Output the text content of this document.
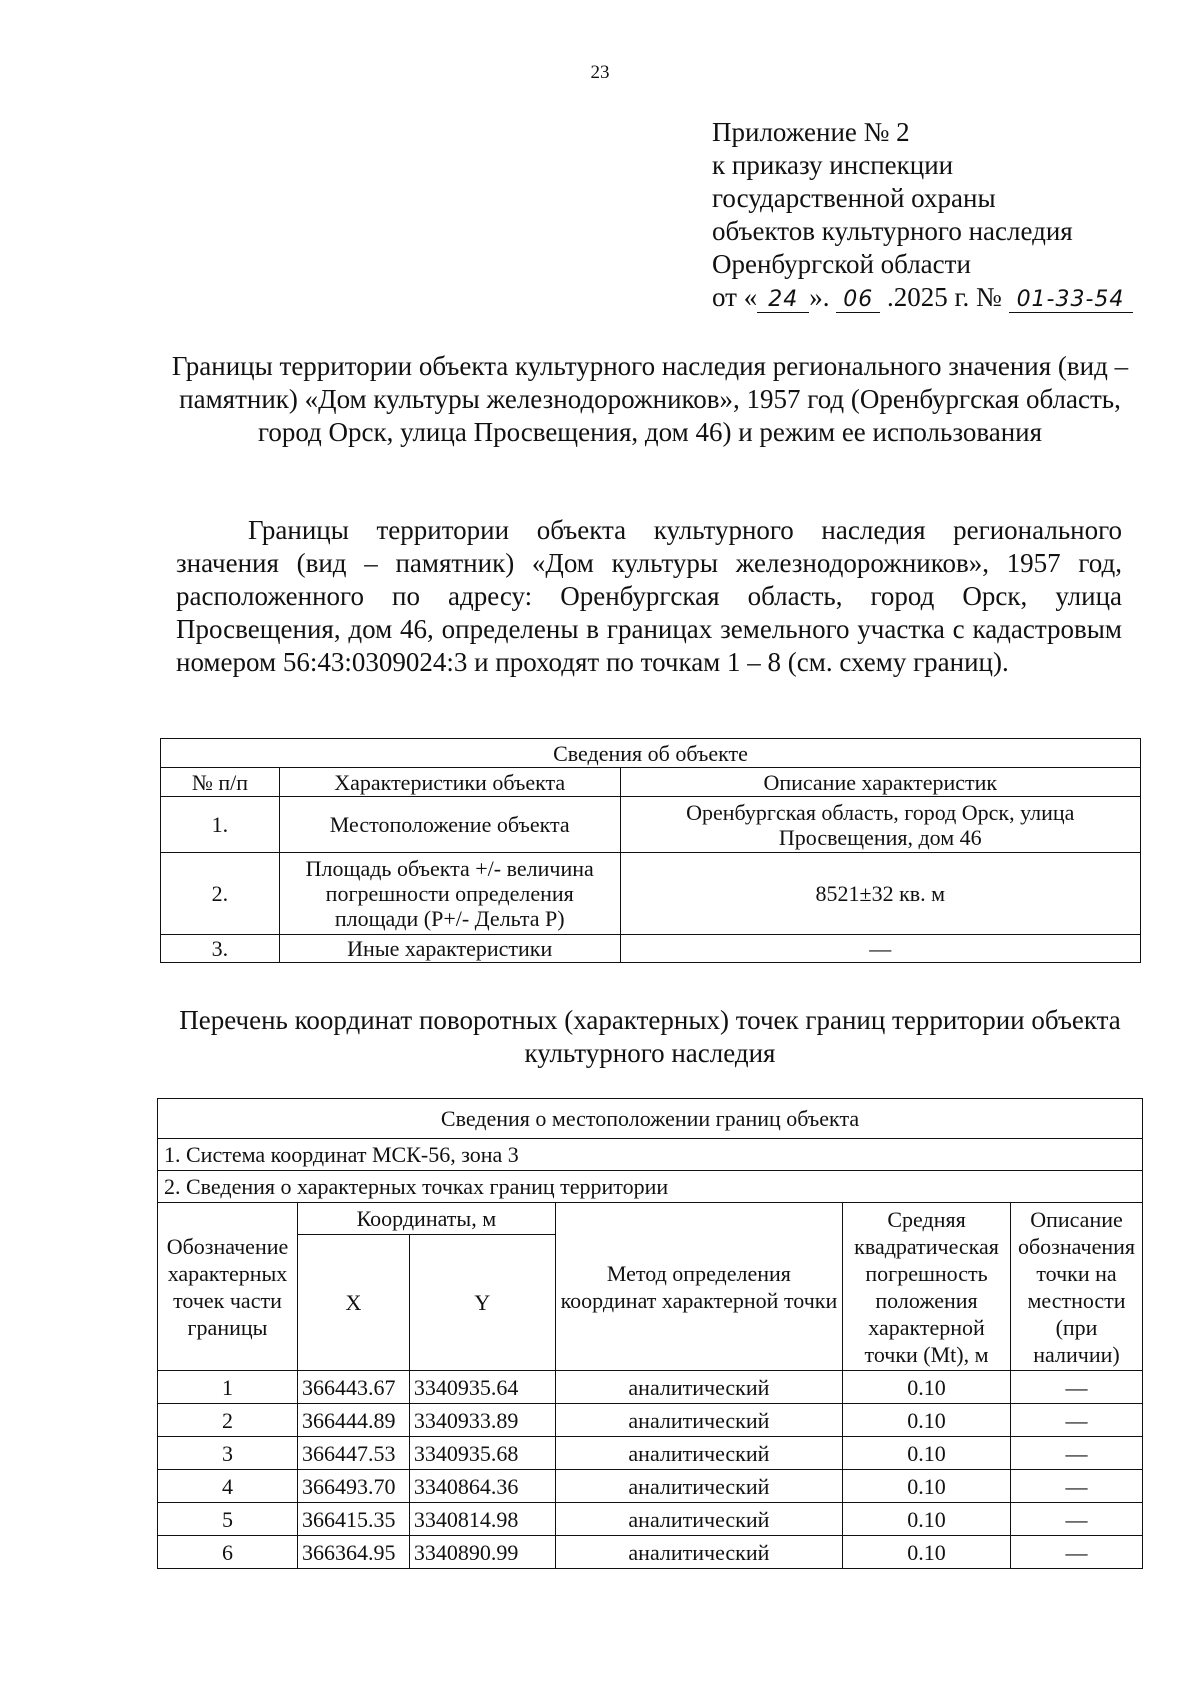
23
Приложение № 2
к приказу инспекции
государственной охраны
объектов культурного наследия
Оренбургской области
от « 24 ». 06 .2025 г. № 01-33-54
Границы территории объекта культурного наследия регионального значения (вид – памятник) «Дом культуры железнодорожников», 1957 год (Оренбургская область, город Орск, улица Просвещения, дом 46) и режим ее использования
Границы территории объекта культурного наследия регионального значения (вид – памятник) «Дом культуры железнодорожников», 1957 год, расположенного по адресу: Оренбургская область, город Орск, улица Просвещения, дом 46, определены в границах земельного участка с кадастровым номером 56:43:0309024:3 и проходят по точкам 1 – 8 (см. схему границ).
Сведения об объекте		
№ п/п	Характеристики объекта	Описание характеристик
1.	Местоположение объекта	Оренбургская область, город Орск, улица Просвещения, дом 46
2.	Площадь объекта +/- величина погрешности определения площади (Р+/- Дельта Р)	8521±32 кв. м
3.	Иные характеристики	—
Перечень координат поворотных (характерных) точек границ территории объекта культурного наследия
Сведения о местоположении границ объекта					
1. Система координат МСК-56, зона 3					
2. Сведения о характерных точках границ территории					
Обозначение характерных точек части границы	Координаты, м		Метод определения координат характерной точки	Средняя квадратическая погрешность положения характерной точки (Mt), м	Описание обозначения точки на местности (при наличии)
	X	Y			
1	366443.67	3340935.64	аналитический	0.10	—
2	366444.89	3340933.89	аналитический	0.10	—
3	366447.53	3340935.68	аналитический	0.10	—
4	366493.70	3340864.36	аналитический	0.10	—
5	366415.35	3340814.98	аналитический	0.10	—
6	366364.95	3340890.99	аналитический	0.10	—
